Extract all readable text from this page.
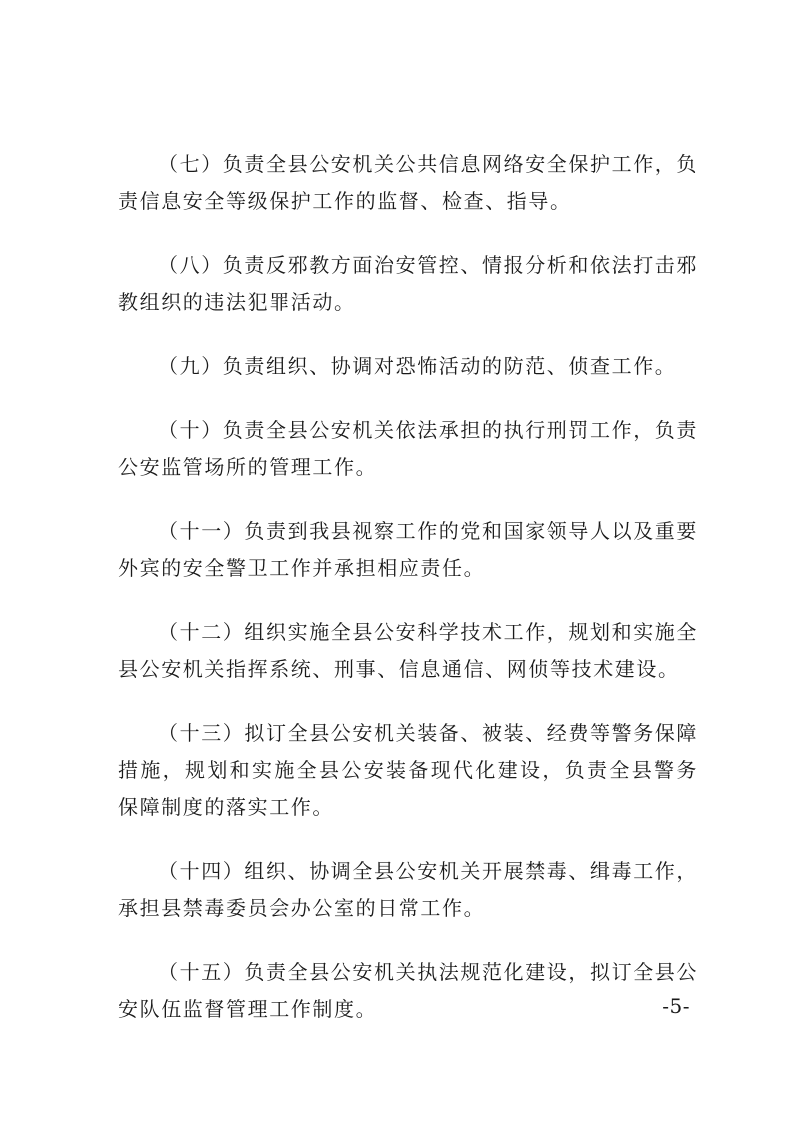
（七）负责全县公安机关公共信息网络安全保护工作，负责信息安全等级保护工作的监督、检查、指导。

（八）负责反邪教方面治安管控、情报分析和依法打击邪教组织的违法犯罪活动。

（九）负责组织、协调对恐怖活动的防范、侦查工作。

（十）负责全县公安机关依法承担的执行刑罚工作，负责公安监管场所的管理工作。

（十一）负责到我县视察工作的党和国家领导人以及重要外宾的安全警卫工作并承担相应责任。

（十二）组织实施全县公安科学技术工作，规划和实施全县公安机关指挥系统、刑事、信息通信、网侦等技术建设。

（十三）拟订全县公安机关装备、被装、经费等警务保障措施，规划和实施全县公安装备现代化建设，负责全县警务保障制度的落实工作。

（十四）组织、协调全县公安机关开展禁毒、缉毒工作，承担县禁毒委员会办公室的日常工作。

（十五）负责全县公安机关执法规范化建设，拟订全县公安队伍监督管理工作制度。	-5-
